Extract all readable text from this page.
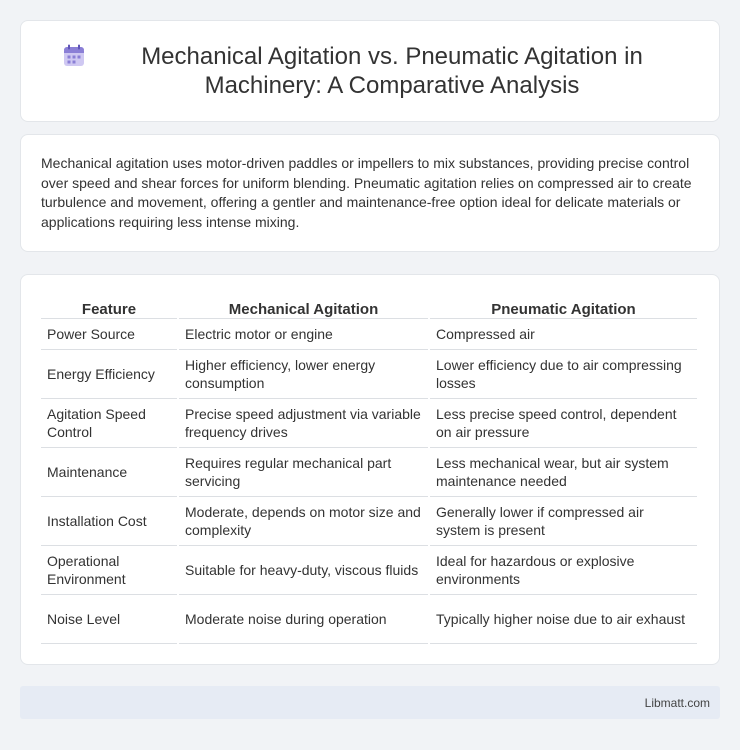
Mechanical Agitation vs. Pneumatic Agitation in Machinery: A Comparative Analysis

Mechanical agitation uses motor-driven paddles or impellers to mix substances, providing precise control over speed and shear forces for uniform blending. Pneumatic agitation relies on compressed air to create turbulence and movement, offering a gentler and maintenance-free option ideal for delicate materials or applications requiring less intense mixing.

Feature	Mechanical Agitation	Pneumatic Agitation
Power Source	Electric motor or engine	Compressed air
Energy Efficiency	Higher efficiency, lower energy consumption	Lower efficiency due to air compressing losses
Agitation Speed Control	Precise speed adjustment via variable frequency drives	Less precise speed control, dependent on air pressure
Maintenance	Requires regular mechanical part servicing	Less mechanical wear, but air system maintenance needed
Installation Cost	Moderate, depends on motor size and complexity	Generally lower if compressed air system is present
Operational Environment	Suitable for heavy-duty, viscous fluids	Ideal for hazardous or explosive environments
Noise Level	Moderate noise during operation	Typically higher noise due to air exhaust
Libmatt.com
